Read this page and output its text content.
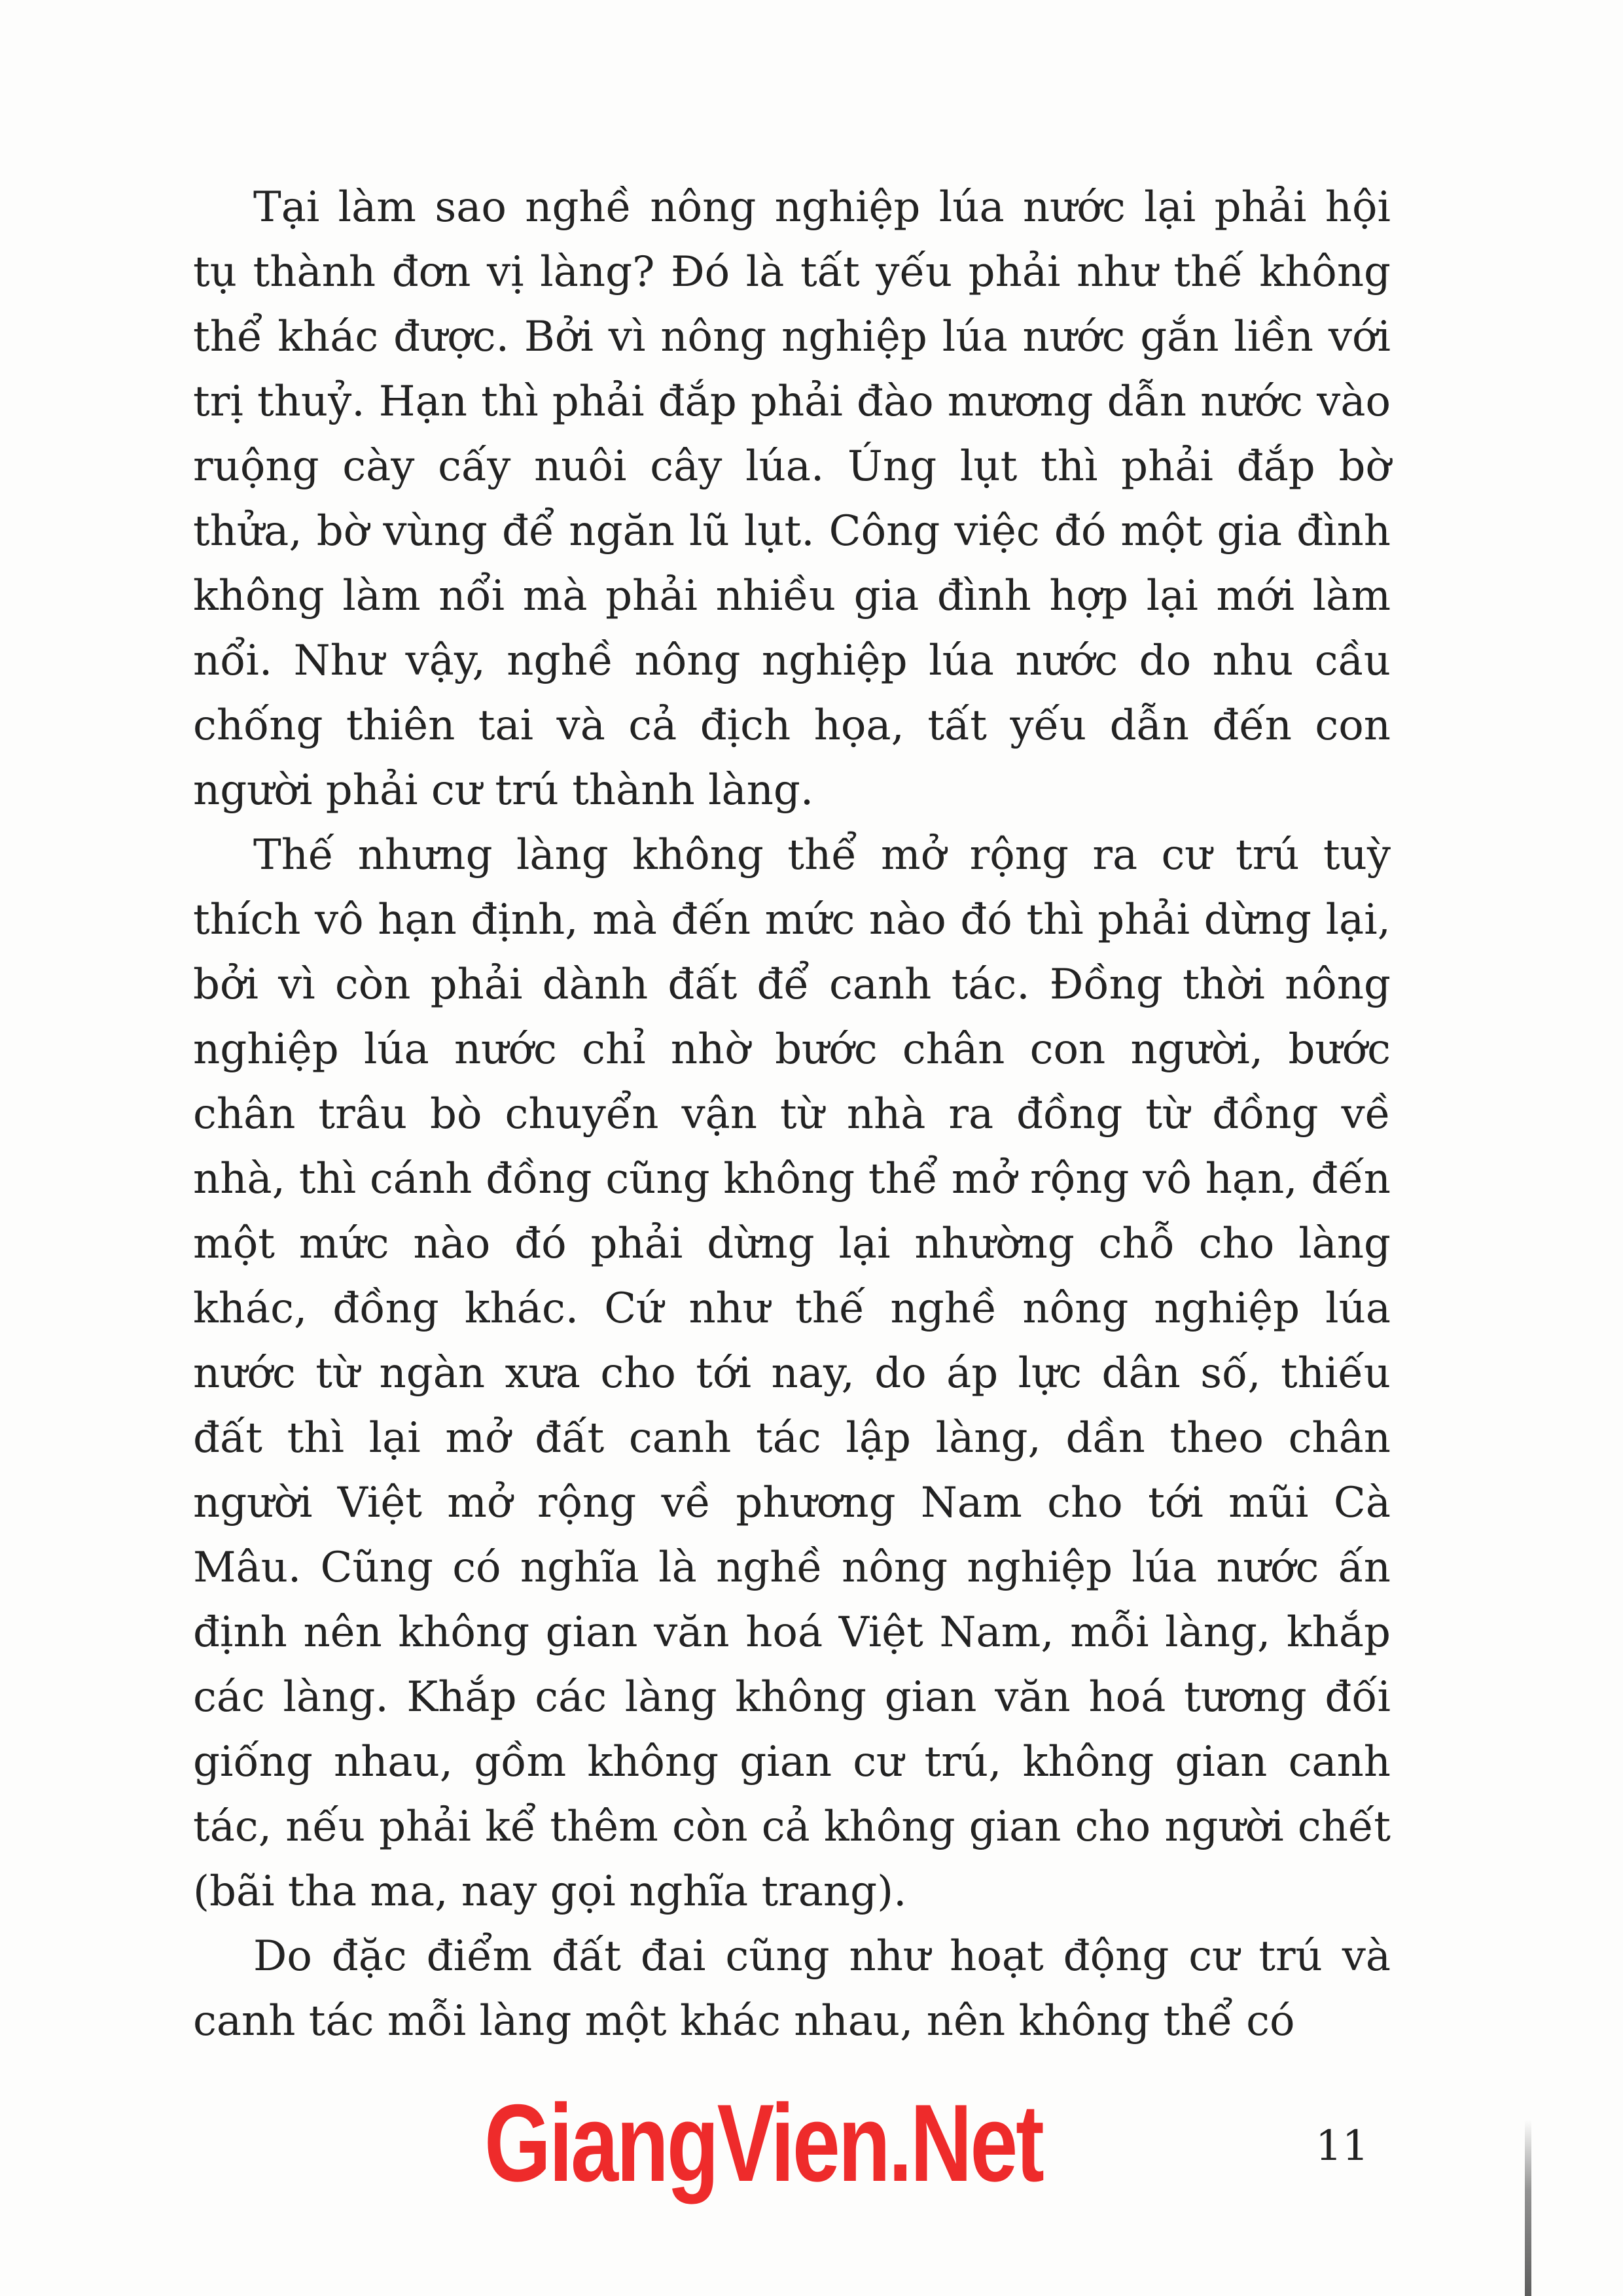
Tại làm sao nghề nông nghiệp lúa nước lại phải hội tụ thành đơn vị làng? Đó là tất yếu phải như thế không thể khác được. Bởi vì nông nghiệp lúa nước gắn liền với trị thuỷ. Hạn thì phải đắp phải đào mương dẫn nước vào ruộng cày cấy nuôi cây lúa. Úng lụt thì phải đắp bờ thửa, bờ vùng để ngăn lũ lụt. Công việc đó một gia đình không làm nổi mà phải nhiều gia đình hợp lại mới làm nổi. Như vậy, nghề nông nghiệp lúa nước do nhu cầu chống thiên tai và cả địch họa, tất yếu dẫn đến con người phải cư trú thành làng.

Thế nhưng làng không thể mở rộng ra cư trú tuỳ thích vô hạn định, mà đến mức nào đó thì phải dừng lại, bởi vì còn phải dành đất để canh tác. Đồng thời nông nghiệp lúa nước chỉ nhờ bước chân con người, bước chân trâu bò chuyển vận từ nhà ra đồng từ đồng về nhà, thì cánh đồng cũng không thể mở rộng vô hạn, đến một mức nào đó phải dừng lại nhường chỗ cho làng khác, đồng khác. Cứ như thế nghề nông nghiệp lúa nước từ ngàn xưa cho tới nay, do áp lực dân số, thiếu đất thì lại mở đất canh tác lập làng, dần theo chân người Việt mở rộng về phương Nam cho tới mũi Cà Mâu. Cũng có nghĩa là nghề nông nghiệp lúa nước ấn định nên không gian văn hoá Việt Nam, mỗi làng, khắp các làng. Khắp các làng không gian văn hoá tương đối giống nhau, gồm không gian cư trú, không gian canh tác, nếu phải kể thêm còn cả không gian cho người chết (bãi tha ma, nay gọi nghĩa trang).

Do đặc điểm đất đai cũng như hoạt động cư trú và canh tác mỗi làng một khác nhau, nên không thể có

GiangVien.Net	11
